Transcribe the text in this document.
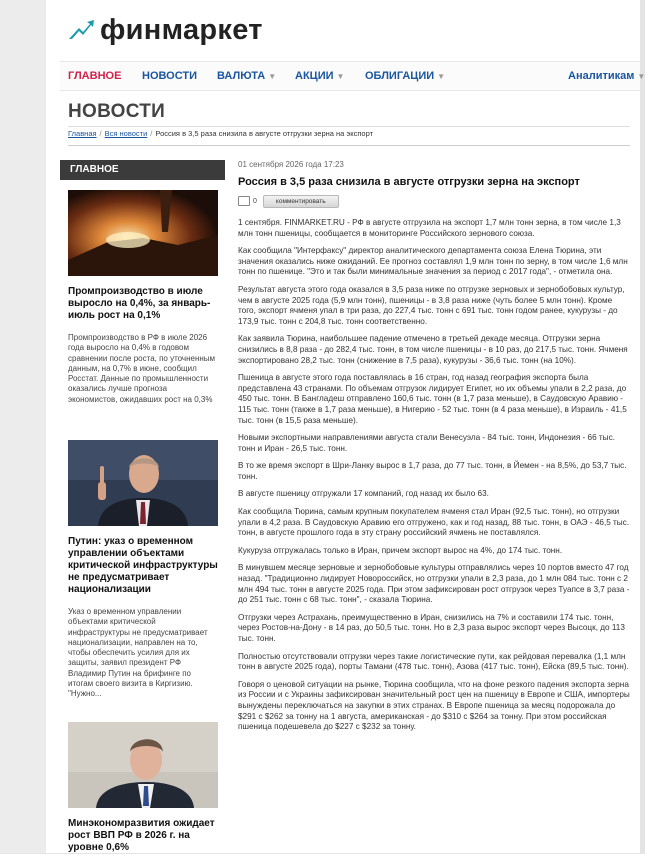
финмаркет
ГЛАВНОЕ НОВОСТИ ВАЛЮТА ▼ АКЦИИ ▼ ОБЛИГАЦИИ ▼	Аналитикам ▼
НОВОСТИ
Главная / Вся новости / Россия в 3,5 раза снизила в августе отгрузки зерна на экспорт
ГЛАВНОЕ
Промпроизводство в июле выросло на 0,4%, за январь-июль рост на 0,1%
Промпроизводство в РФ в июле 2026 года выросло на 0,4% в годовом сравнении после роста, по уточненным данным, на 0,7% в июне, сообщил Росстат. Данные по промышленности оказались лучше прогноза экономистов, ожидавших рост на 0,3%
Путин: указ о временном управлении объектами критической инфраструктуры не предусматривает национализации
Указ о временном управлении объектами критической инфраструктуры не предусматривает национализации, направлен на то, чтобы обеспечить усилия для их защиты, заявил президент РФ Владимир Путин на брифинге по итогам своего визита в Киргизию. "Нужно...
Минэкономразвития ожидает рост ВВП РФ в 2026 г. на уровне 0,6%
01 сентября 2026 года 17:23
Россия в 3,5 раза снизила в августе отгрузки зерна на экспорт
0	комментировать

1 сентября. FINMARKET.RU - РФ в августе отгрузила на экспорт 1,7 млн тонн зерна, в том числе 1,3 млн тонн пшеницы, сообщается в мониторинге Российского зернового союза.

Как сообщила "Интерфаксу" директор аналитического департамента союза Елена Тюрина, эти значения оказались ниже ожиданий. Ее прогноз составлял 1,9 млн тонн по зерну, в том числе 1,6 млн тонн по пшенице. "Это и так были минимальные значения за период с 2017 года", - отметила она.

Результат августа этого года оказался в 3,5 раза ниже по отгрузке зерновых и зернобобовых культур, чем в августе 2025 года (5,9 млн тонн), пшеницы - в 3,8 раза ниже (чуть более 5 млн тонн). Кроме того, экспорт ячменя упал в три раза, до 227,4 тыс. тонн с 691 тыс. тонн годом ранее, кукурузы - до 173,9 тыс. тонн с 204,8 тыс. тонн соответственно.

Как заявила Тюрина, наибольшее падение отмечено в третьей декаде месяца. Отгрузки зерна снизились в 8,8 раза - до 282,4 тыс. тонн, в том числе пшеницы - в 10 раз, до 217,5 тыс. тонн. Ячменя экспортировано 28,2 тыс. тонн (снижение в 7,5 раза), кукурузы - 36,6 тыс. тонн (на 10%).

Пшеница в августе этого года поставлялась в 16 стран, год назад география экспорта была представлена 43 странами. По объемам отгрузок лидирует Египет, но их объемы упали в 2,2 раза, до 450 тыс. тонн. В Бангладеш отправлено 160,6 тыс. тонн (в 1,7 раза меньше), в Саудовскую Аравию - 115 тыс. тонн (также в 1,7 раза меньше), в Нигерию - 52 тыс. тонн (в 4 раза меньше), в Израиль - 41,5 тыс. тонн (в 15,5 раза меньше).

Новыми экспортными направлениями августа стали Венесуэла - 84 тыс. тонн, Индонезия - 66 тыс. тонн и Иран - 26,5 тыс. тонн.

В то же время экспорт в Шри-Ланку вырос в 1,7 раза, до 77 тыс. тонн, в Йемен - на 8,5%, до 53,7 тыс. тонн.

В августе пшеницу отгружали 17 компаний, год назад их было 63.

Как сообщила Тюрина, самым крупным покупателем ячменя стал Иран (92,5 тыс. тонн), но отгрузки упали в 4,2 раза. В Саудовскую Аравию его отгружено, как и год назад, 88 тыс. тонн, в ОАЭ - 46,5 тыс. тонн, в августе прошлого года в эту страну российский ячмень не поставлялся.

Кукуруза отгружалась только в Иран, причем экспорт вырос на 4%, до 174 тыс. тонн.

В минувшем месяце зерновые и зернобобовые культуры отправлялись через 10 портов вместо 47 год назад. "Традиционно лидирует Новороссийск, но отгрузки упали в 2,3 раза, до 1 млн 084 тыс. тонн с 2 млн 494 тыс. тонн в августе 2025 года. При этом зафиксирован рост отгрузок через Туапсе в 3,7 раза - до 251 тыс. тонн с 68 тыс. тонн", - сказала Тюрина.

Отгрузки через Астрахань, преимущественно в Иран, снизились на 7% и составили 174 тыс. тонн, через Ростов-на-Дону - в 14 раз, до 50,5 тыс. тонн. Но в 2,3 раза вырос экспорт через Высоцк, до 113 тыс. тонн.

Полностью отсутствовали отгрузки через такие логистические пути, как рейдовая перевалка (1,1 млн тонн в августе 2025 года), порты Тамани (478 тыс. тонн), Азова (417 тыс. тонн), Ейска (89,5 тыс. тонн).

Говоря о ценовой ситуации на рынке, Тюрина сообщила, что на фоне резкого падения экспорта зерна из России и с Украины зафиксирован значительный рост цен на пшеницу в Европе и США, импортеры вынуждены переключаться на закупки в этих странах. В Европе пшеница за месяц подорожала до $291 с $262 за тонну на 1 августа, американская - до $310 с $264 за тонну. При этом российская пшеница подешевела до $227 с $232 за тонну.
